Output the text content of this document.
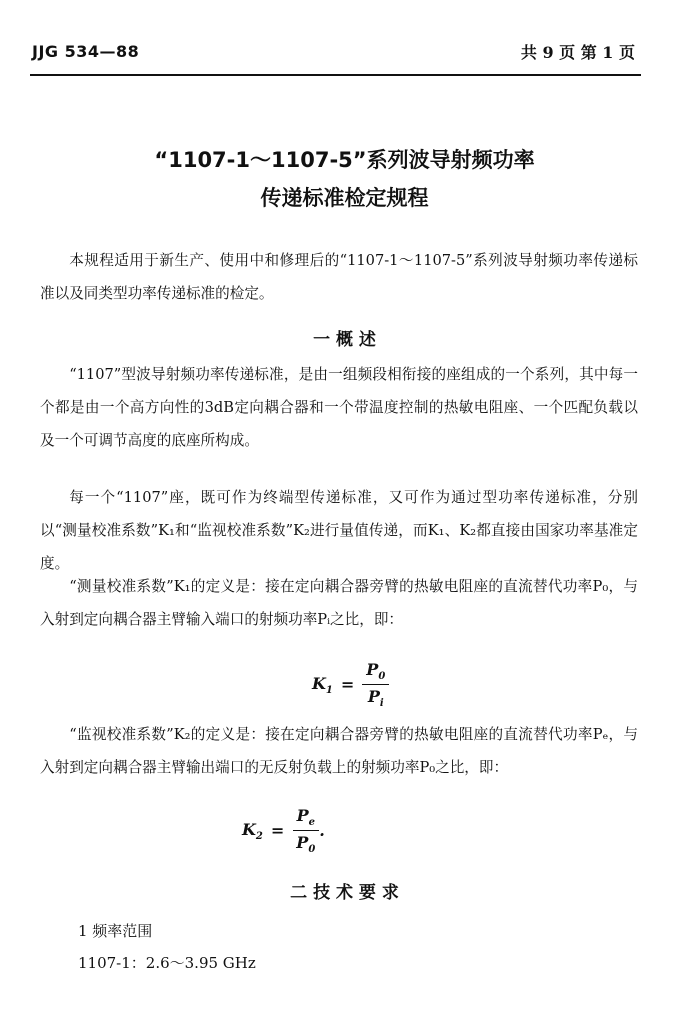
JJG 534—88	共 9 页 第 1 页
“1107-1～1107-5”系列波导射频功率
传递标准检定规程
本规程适用于新生产、使用中和修理后的“1107-1～1107-5”系列波导射频功率传递标准以及同类型功率传递标准的检定。
一 概 述
“1107”型波导射频功率传递标准，是由一组频段相衔接的座组成的一个系列，其中每一个都是由一个高方向性的3dB定向耦合器和一个带温度控制的热敏电阻座、一个匹配负载以及一个可调节高度的底座所构成。
每一个“1107”座，既可作为终端型传递标准，又可作为通过型功率传递标准，分别以“测量校准系数”K₁和“监视校准系数”K₂进行量值传递，而K₁、K₂都直接由国家功率基准定度。
“测量校准系数”K₁的定义是：接在定向耦合器旁臂的热敏电阻座的直流替代功率P₀，与入射到定向耦合器主臂输入端口的射频功率Pᵢ之比，即：
$K_1 = \frac{P_0}{P_i}$
“监视校准系数”K₂的定义是：接在定向耦合器旁臂的热敏电阻座的直流替代功率Pₑ，与入射到定向耦合器主臂输出端口的无反射负载上的射频功率P₀之比，即：
$K_2 = \frac{P_e}{P_0}$ .
二 技 术 要 求
1 频率范围
1107-1：2.6～3.95 GHz
